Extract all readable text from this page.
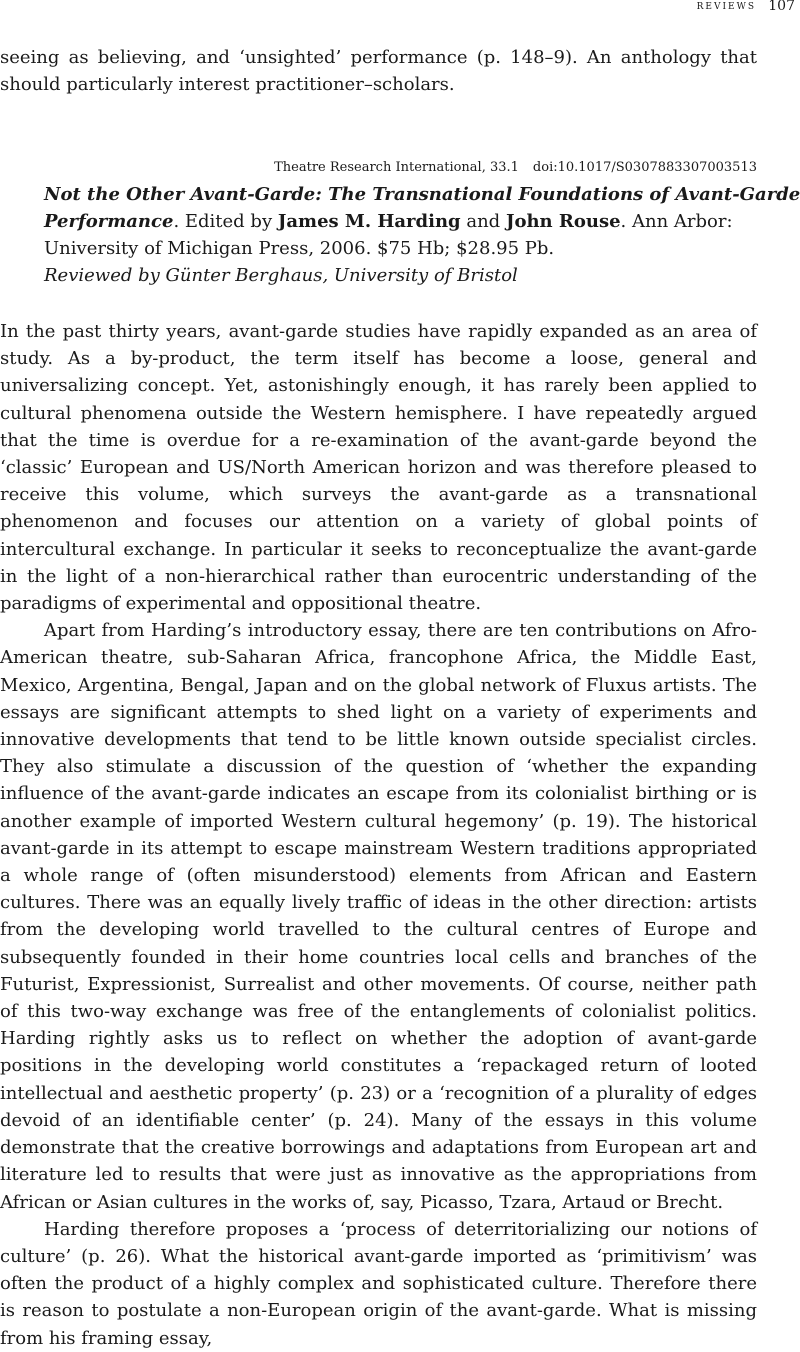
reviews 107

seeing as believing, and ‘unsighted’ performance (p. 148–9). An anthology that should particularly interest practitioner–scholars.

Theatre Research International, 33.1 doi:10.1017/S0307883307003513
Not the Other Avant-Garde: The Transnational Foundations of Avant-Garde
Performance. Edited by James M. Harding and John Rouse. Ann Arbor:
University of Michigan Press, 2006. $75 Hb; $28.95 Pb.
Reviewed by Günter Berghaus, University of Bristol

In the past thirty years, avant-garde studies have rapidly expanded as an area of study. As a by-product, the term itself has become a loose, general and universalizing concept. Yet, astonishingly enough, it has rarely been applied to cultural phenomena outside the Western hemisphere. I have repeatedly argued that the time is overdue for a re-examination of the avant-garde beyond the ‘classic’ European and US/North American horizon and was therefore pleased to receive this volume, which surveys the avant-garde as a transnational phenomenon and focuses our attention on a variety of global points of intercultural exchange. In particular it seeks to reconceptualize the avant-garde in the light of a non-hierarchical rather than eurocentric understanding of the paradigms of experimental and oppositional theatre.

Apart from Harding’s introductory essay, there are ten contributions on Afro-American theatre, sub-Saharan Africa, francophone Africa, the Middle East, Mexico, Argentina, Bengal, Japan and on the global network of Fluxus artists. The essays are significant attempts to shed light on a variety of experiments and innovative developments that tend to be little known outside specialist circles. They also stimulate a discussion of the question of ‘whether the expanding influence of the avant-garde indicates an escape from its colonialist birthing or is another example of imported Western cultural hegemony’ (p. 19). The historical avant-garde in its attempt to escape mainstream Western traditions appropriated a whole range of (often misunderstood) elements from African and Eastern cultures. There was an equally lively traffic of ideas in the other direction: artists from the developing world travelled to the cultural centres of Europe and subsequently founded in their home countries local cells and branches of the Futurist, Expressionist, Surrealist and other movements. Of course, neither path of this two-way exchange was free of the entanglements of colonialist politics. Harding rightly asks us to reflect on whether the adoption of avant-garde positions in the developing world constitutes a ‘repackaged return of looted intellectual and aesthetic property’ (p. 23) or a ‘recognition of a plurality of edges devoid of an identifiable center’ (p. 24). Many of the essays in this volume demonstrate that the creative borrowings and adaptations from European art and literature led to results that were just as innovative as the appropriations from African or Asian cultures in the works of, say, Picasso, Tzara, Artaud or Brecht.

Harding therefore proposes a ‘process of deterritorializing our notions of culture’ (p. 26). What the historical avant-garde imported as ‘primitivism’ was often the product of a highly complex and sophisticated culture. Therefore there is reason to postulate a non-European origin of the avant-garde. What is missing from his framing essay,
